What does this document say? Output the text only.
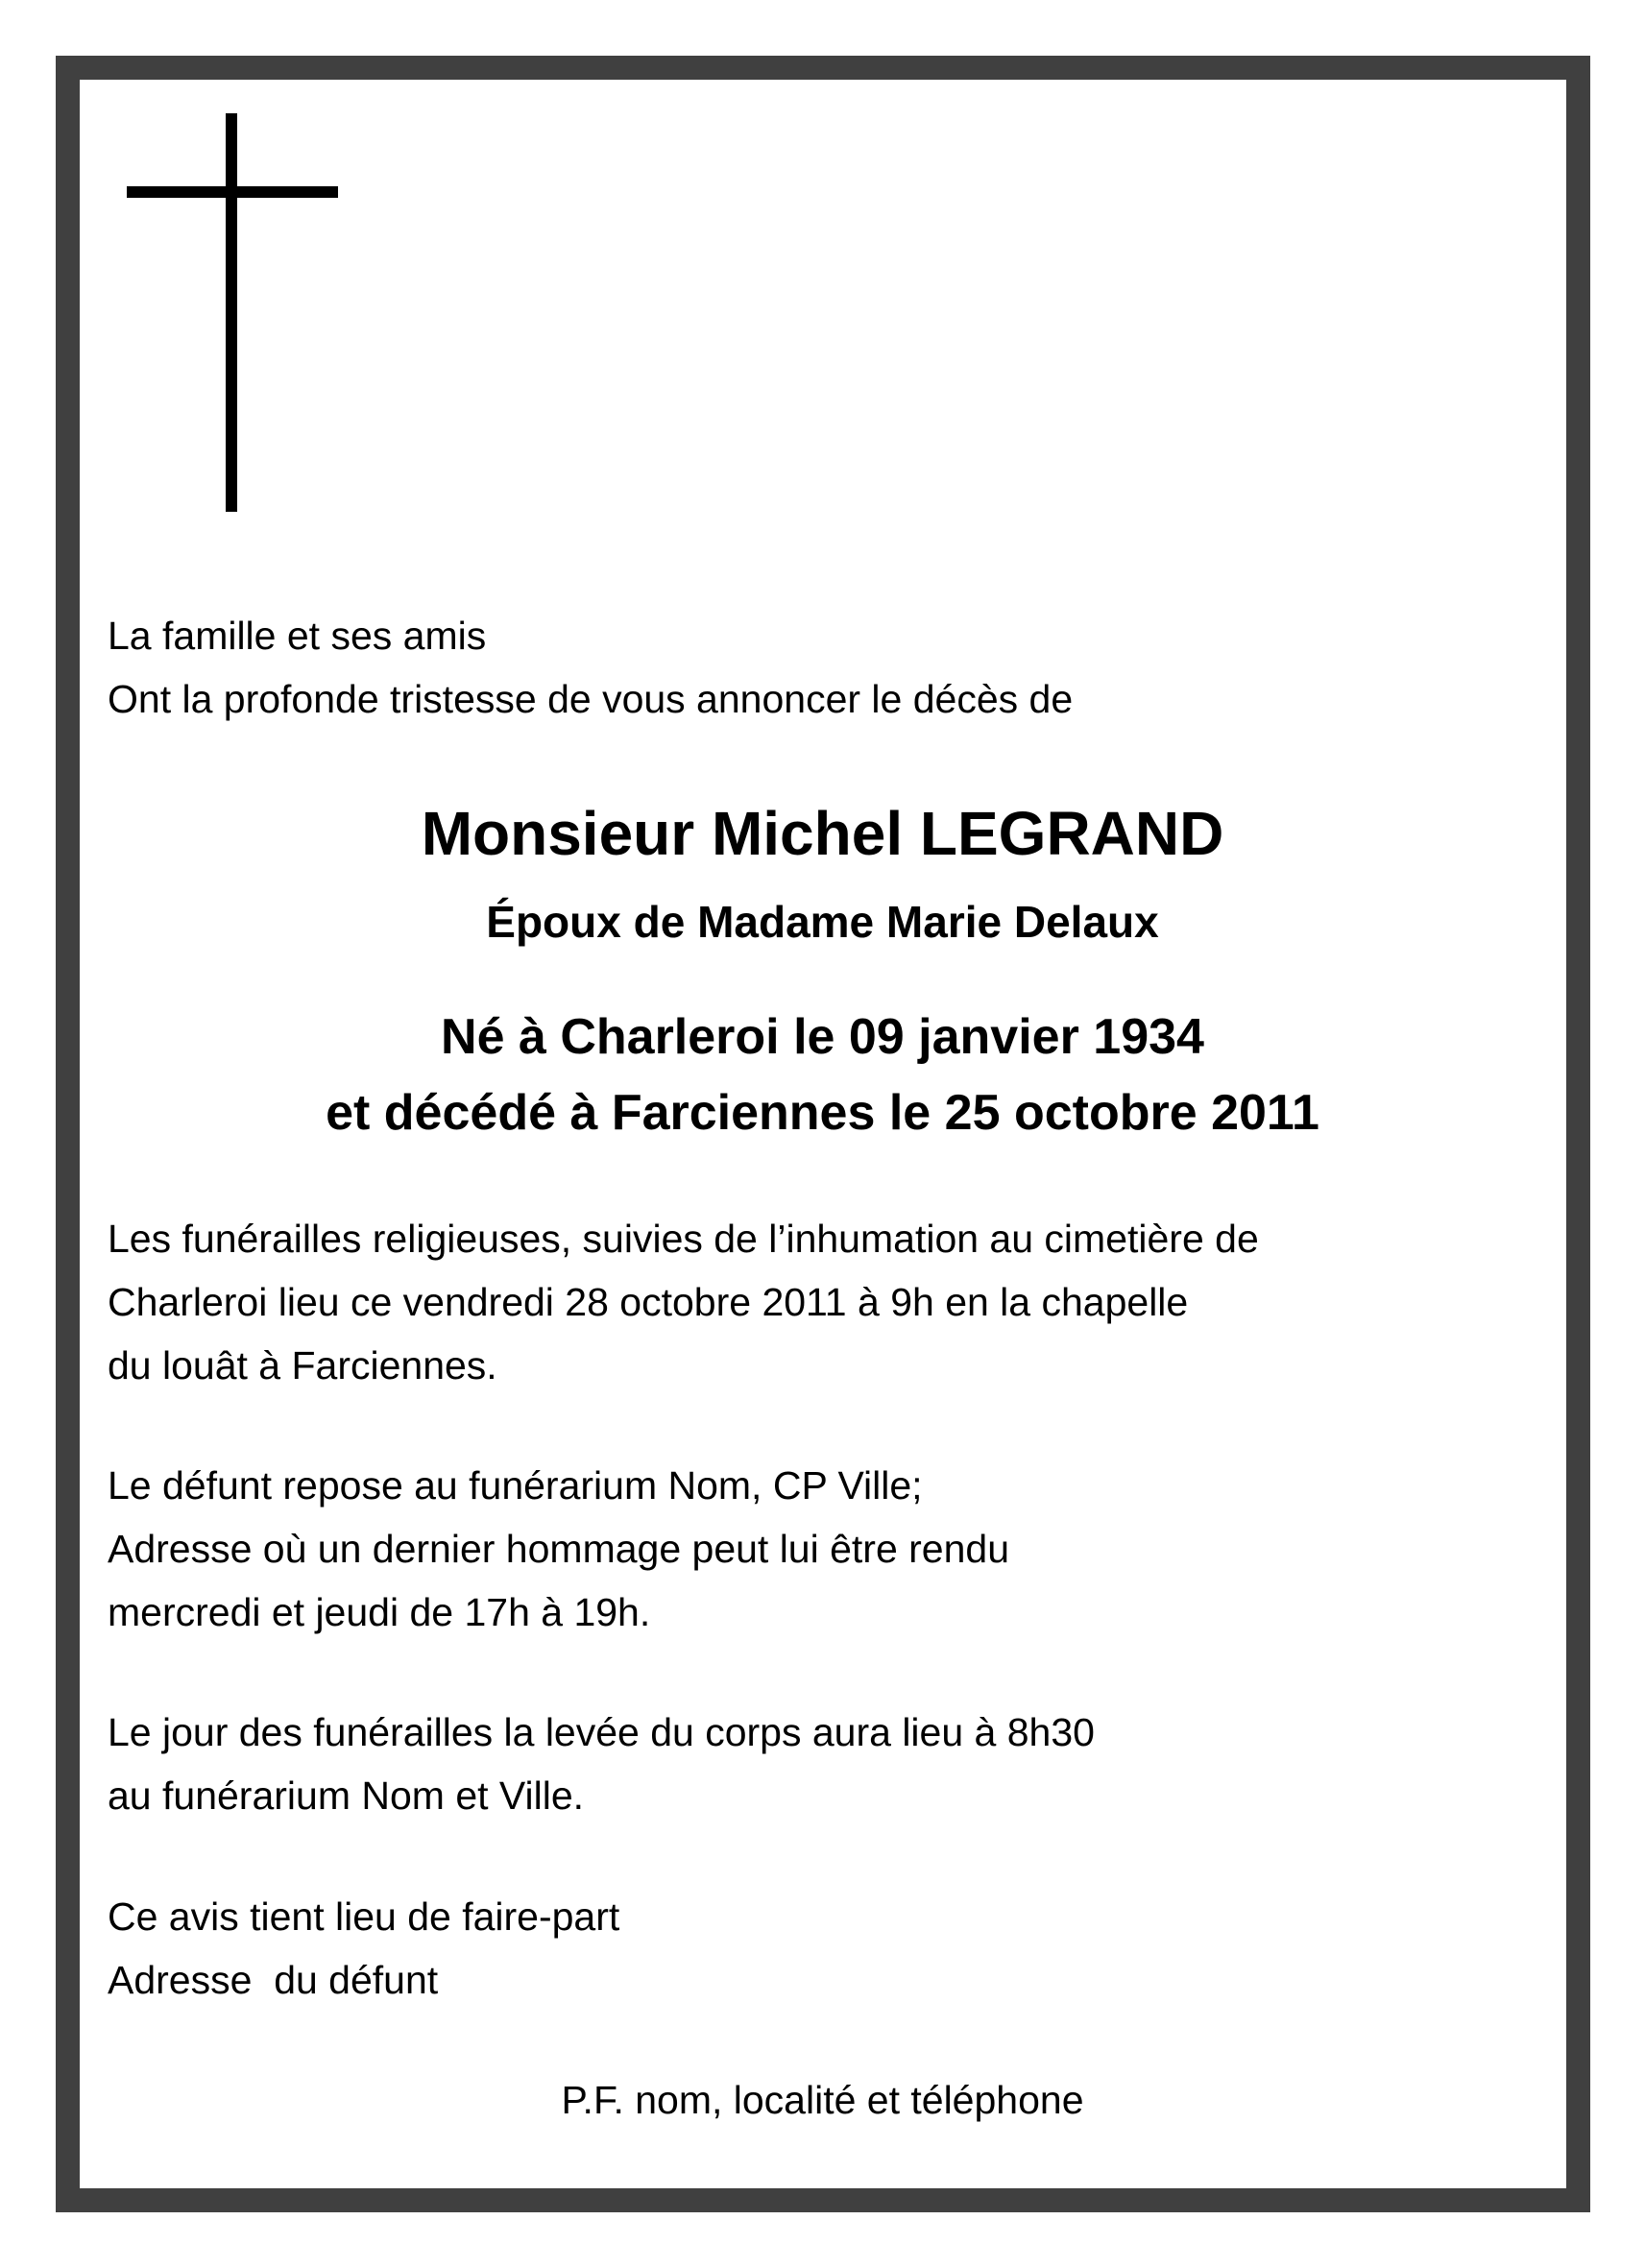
La famille et ses amis

Ont la profonde tristesse de vous annoncer le décès de

Monsieur Michel LEGRAND

Époux de Madame Marie Delaux

Né à Charleroi le 09 janvier 1934

et décédé à Farciennes le 25 octobre 2011

Les funérailles religieuses, suivies de l’inhumation au cimetière de

Charleroi lieu ce vendredi 28 octobre 2011 à 9h en la chapelle

du louât à Farciennes.

Le défunt repose au funérarium Nom, CP Ville;

Adresse où un dernier hommage peut lui être rendu

mercredi et jeudi de 17h à 19h.

Le jour des funérailles la levée du corps aura lieu à 8h30

au funérarium Nom et Ville.

Ce avis tient lieu de faire-part

Adresse  du défunt

P.F. nom, localité et téléphone
